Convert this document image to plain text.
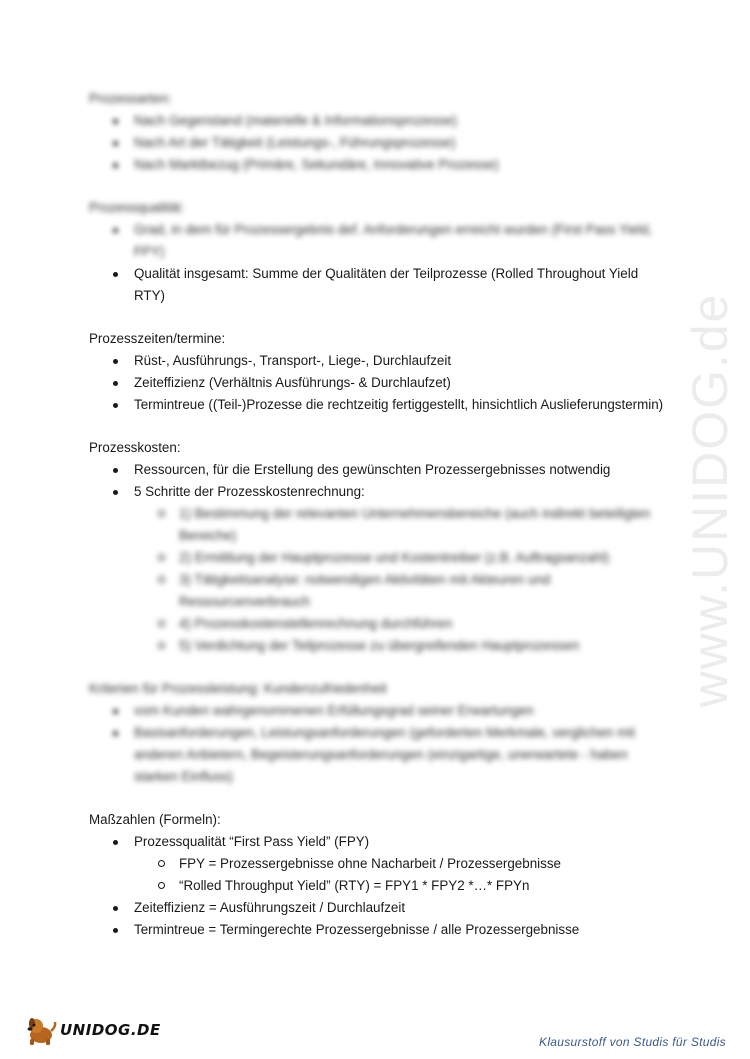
www.UNIDOG.de

Prozessarten:

Nach Gegenstand (materielle & Informationsprozesse)
Nach Art der Tätigkeit (Leistungs-, Führungsprozesse)
Nach Marktbezug (Primäre, Sekundäre, Innovative Prozesse)

Prozessqualität:

Grad, in dem für Prozessergebnis def. Anforderungen erreicht wurden (First Pass Yield, FPY)
Qualität insgesamt: Summe der Qualitäten der Teilprozesse (Rolled Throughout Yield RTY)

Prozesszeiten/termine:

Rüst-, Ausführungs-, Transport-, Liege-, Durchlaufzeit
Zeiteffizienz (Verhältnis Ausführungs- & Durchlaufzet)
Termintreue ((Teil-)Prozesse die rechtzeitig fertiggestellt, hinsichtlich Auslieferungstermin)

Prozesskosten:

Ressourcen, für die Erstellung des gewünschten Prozessergebnisses notwendig
5 Schritte der Prozesskostenrechnung:
1) Bestimmung der relevanten Unternehmensbereiche (auch indirekt beteiligten Bereiche)
2) Ermittlung der Hauptprozesse und Kostentreiber (z.B. Auftragsanzahl)
3) Tätigkeitsanalyse: notwendigen Aktivitäten mit Akteuren und Ressourcenverbrauch
4) Prozesskostenstellenrechnung durchführen
5) Verdichtung der Teilprozesse zu übergreifenden Hauptprozessen

Kriterien für Prozessleistung: Kundenzufriedenheit

vom Kunden wahrgenommenen Erfüllungsgrad seiner Erwartungen
Basisanforderungen, Leistungsanforderungen (geforderten Merkmale, verglichen mit anderen Anbietern, Begeisterungsanforderungen (einzigartige, unerwartete - haben starken Einfluss)

Maßzahlen (Formeln):

Prozessqualität “First Pass Yield” (FPY)
FPY = Prozessergebnisse ohne Nacharbeit / Prozessergebnisse
“Rolled Throughput Yield” (RTY) = FPY1 * FPY2 *…* FPYn
Zeiteffizienz = Ausführungszeit / Durchlaufzeit
Termintreue = Termingerechte Prozessergebnisse / alle Prozessergebnisse
UNIDOG.DE
Klausurstoff von Studis für Studis
